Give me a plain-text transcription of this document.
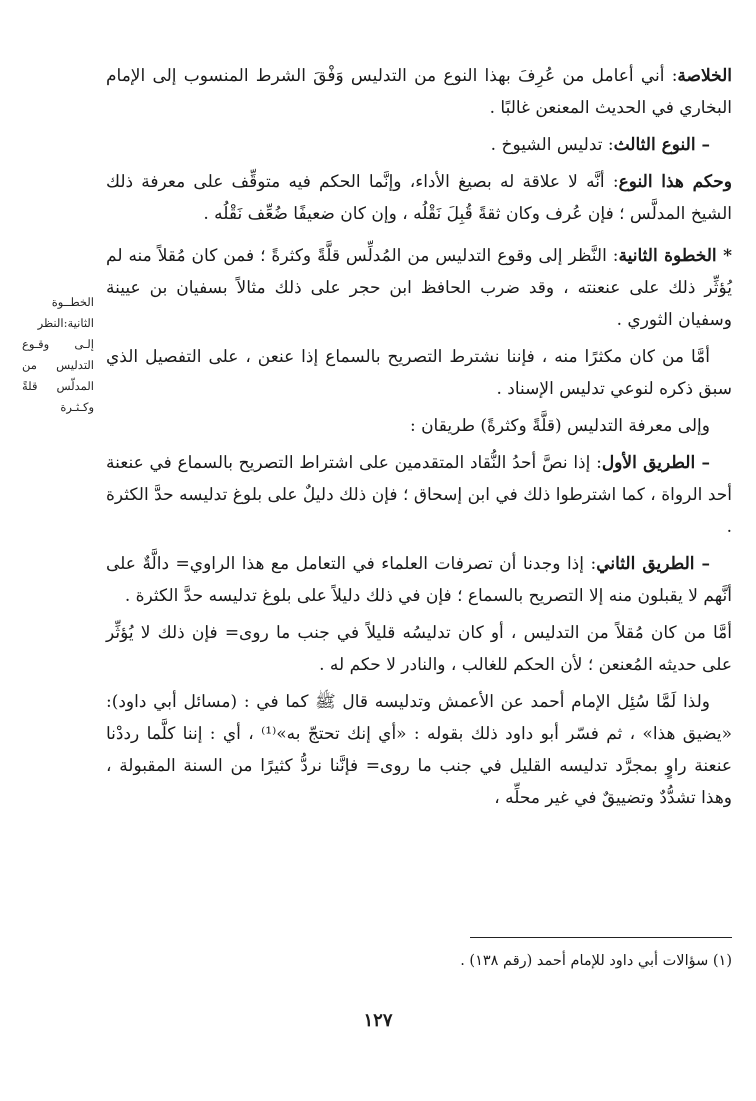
الخلاصة: أني أعامل من عُرِفَ بهذا النوع من التدليس وَفْقَ الشرط المنسوب إلى الإمام البخاري في الحديث المعنعن غالبًا .

– النوع الثالث: تدليس الشيوخ .

وحكم هذا النوع: أنَّه لا علاقة له بصيغ الأداء، وإنَّما الحكم فيه متوقِّف على معرفة ذلك الشيخ المدلَّس ؛ فإن عُرف وكان ثقةً قُبِلَ نَقْلُه ، وإن كان ضعيفًا ضُعِّف نَقْلُه .

* الخطوة الثانية: النَّظر إلى وقوع التدليس من المُدلِّس قلَّةً وكثرةً ؛ فمن كان مُقلاً منه لم يُؤثِّر ذلك على عنعنته ، وقد ضرب الحافظ ابن حجر على ذلك مثالاً بسفيان بن عيينة وسفيان الثوري .

أمَّا من كان مكثرًا منه ، فإننا نشترط التصريح بالسماع إذا عنعن ، على التفصيل الذي سبق ذكره لنوعي تدليس الإسناد .

وإلى معرفة التدليس (قلَّةً وكثرةً) طريقان :

– الطريق الأول: إذا نصَّ أحدُ النُّقاد المتقدمين على اشتراط التصريح بالسماع في عنعنة أحد الرواة ، كما اشترطوا ذلك في ابن إسحاق ؛ فإن ذلك دليلٌ على بلوغ تدليسه حدَّ الكثرة .

– الطريق الثاني: إذا وجدنا أن تصرفات العلماء في التعامل مع هذا الراوي= دالَّةٌ على أنَّهم لا يقبلون منه إلا التصريح بالسماع ؛ فإن في ذلك دليلاً على بلوغ تدليسه حدَّ الكثرة .

أمَّا من كان مُقلاً من التدليس ، أو كان تدليسُه قليلاً في جنب ما روى= فإن ذلك لا يُؤثِّر على حديثه المُعنعن ؛ لأن الحكم للغالب ، والنادر لا حكم له .

ولذا لَمَّا سُئِل الإمام أحمد عن الأعمش وتدليسه قال ﷺ كما في : (مسائل أبي داود): «يضيق هذا» ، ثم فسّر أبو داود ذلك بقوله : «أي إنك تحتجّ به»⁽¹⁾ ، أي : إننا كلَّما رددْنا عنعنة راوٍ بمجرَّد تدليسه القليل في جنب ما روى= فإنَّنا نردُّ كثيرًا من السنة المقبولة ، وهذا تشدُّدٌ وتضييقٌ في غير محلِّه ،

الخطــوة الثانية:النظر إلـى وقـوع التدليس من المدلّس قلةً وكـثـرة
(١) سؤالات أبي داود للإمام أحمد (رقم ١٣٨) .
١٢٧
